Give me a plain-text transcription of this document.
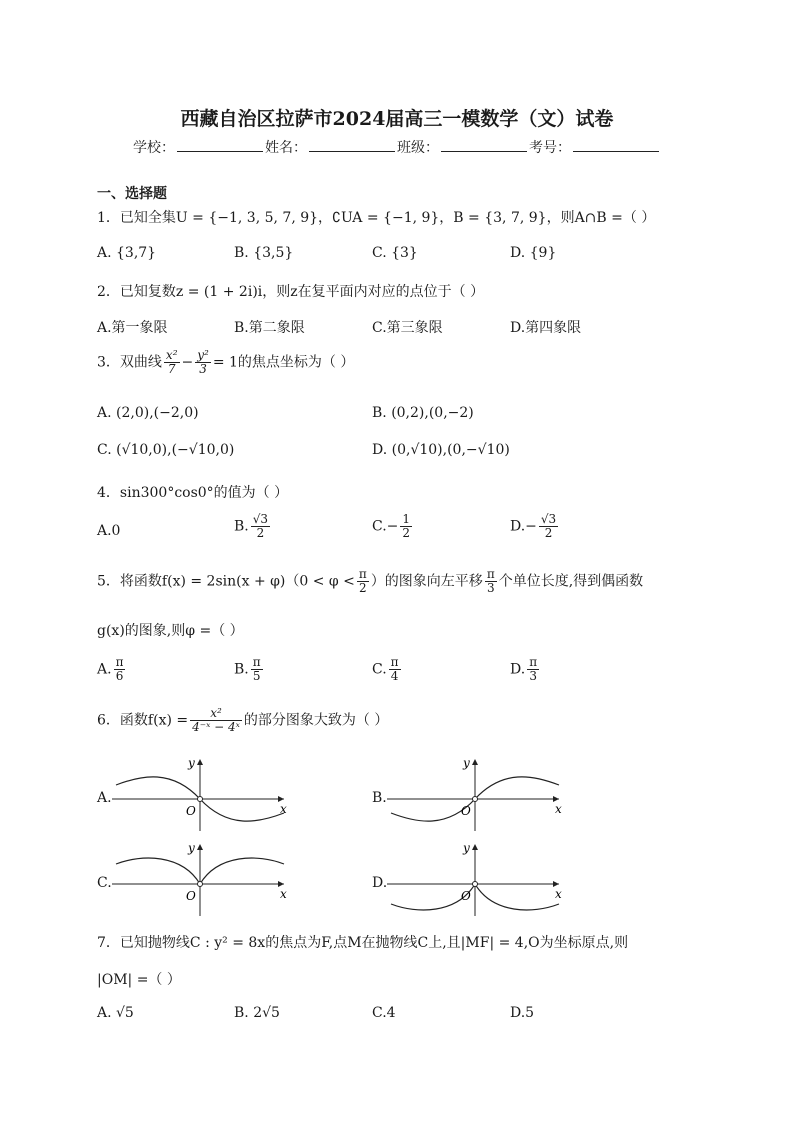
西藏自治区拉萨市2024届高三一模数学（文）试卷
学校：	姓名：	班级：	考号：
一、选择题
1．已知全集U = {−1, 3, 5, 7, 9}，∁UA = {−1, 9}，B = {3, 7, 9}，则A∩B =（ ）
A. {3,7}	B. {3,5}	C. {3}	D. {9}
2．已知复数z = (1 + 2i)i，则z在复平面内对应的点位于（ ）
A.第一象限	B.第二象限	C.第三象限	D.第四象限
3．双曲线 $\frac{\text{x²}}{7} - \frac{\text{y²}}{3} = 1$的焦点坐标为（ ）
A. (2,0),(−2,0)	B. (0,2),(0,−2)
C. (√10,0),(−√10,0)	D. (0,√10),(0,−√10)
4．sin300°cos0°的值为（ ）
A.0	B. $\frac{√3}{2}$	$C.- \frac{1}{2}$	$D.- \frac{√3}{2}$
5．将函数$f(x) = 2\sin(x + \varphi)(0 < \varphi < \frac{\pi}{2}$ ）的图象向左平移 $\frac{\pi}{3}$ 个单位长度,得到偶函数
g(x)的图象,则φ =（ ）
A. $\frac{\pi}{6}$	B. $\frac{\pi}{5}$	C. $\frac{\pi}{4}$	D. $\frac{\pi}{3}$
6．函数$f(x) = \frac{\text{x²}}{\text{4⁻ˣ − 4ˣ}}$ 的部分图象大致为（ ）
A.	B.
C.	D.
y
x
O
y
x
O
y
x
O
y
x
O
7．已知抛物线C : y² = 8x的焦点为F,点M在抛物线C上,且|MF| = 4,O为坐标原点,则
|OM| =（ ）
A. √5	B. 2√5	C.4	D.5
